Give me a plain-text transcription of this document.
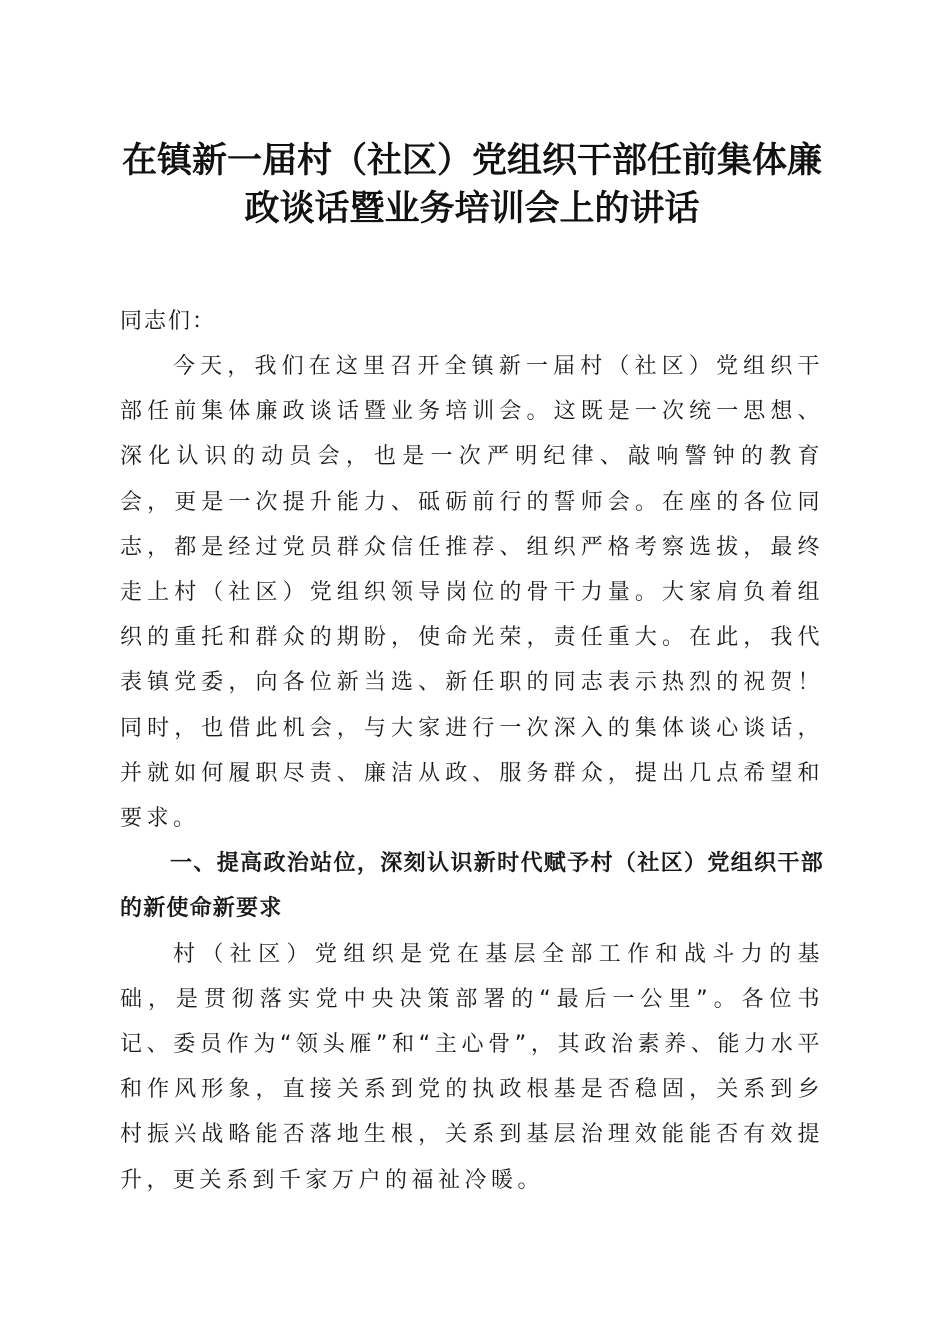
在镇新一届村（社区）党组织干部任前集体廉
政谈话暨业务培训会上的讲话

同志们：

今天，我们在这里召开全镇新一届村（社区）党组织干部任前集体廉政谈话暨业务培训会。这既是一次统一思想、深化认识的动员会，也是一次严明纪律、敲响警钟的教育会，更是一次提升能力、砥砺前行的誓师会。在座的各位同志，都是经过党员群众信任推荐、组织严格考察选拔，最终走上村（社区）党组织领导岗位的骨干力量。大家肩负着组织的重托和群众的期盼，使命光荣，责任重大。在此，我代表镇党委，向各位新当选、新任职的同志表示热烈的祝贺！同时，也借此机会，与大家进行一次深入的集体谈心谈话，并就如何履职尽责、廉洁从政、服务群众，提出几点希望和要求。

一、提高政治站位，深刻认识新时代赋予村（社区）党组织干部的新使命新要求

村（社区）党组织是党在基层全部工作和战斗力的基础，是贯彻落实党中央决策部署的“最后一公里”。各位书记、委员作为“领头雁”和“主心骨”，其政治素养、能力水平和作风形象，直接关系到党的执政根基是否稳固，关系到乡村振兴战略能否落地生根，关系到基层治理效能能否有效提升，更关系到千家万户的福祉冷暖。
